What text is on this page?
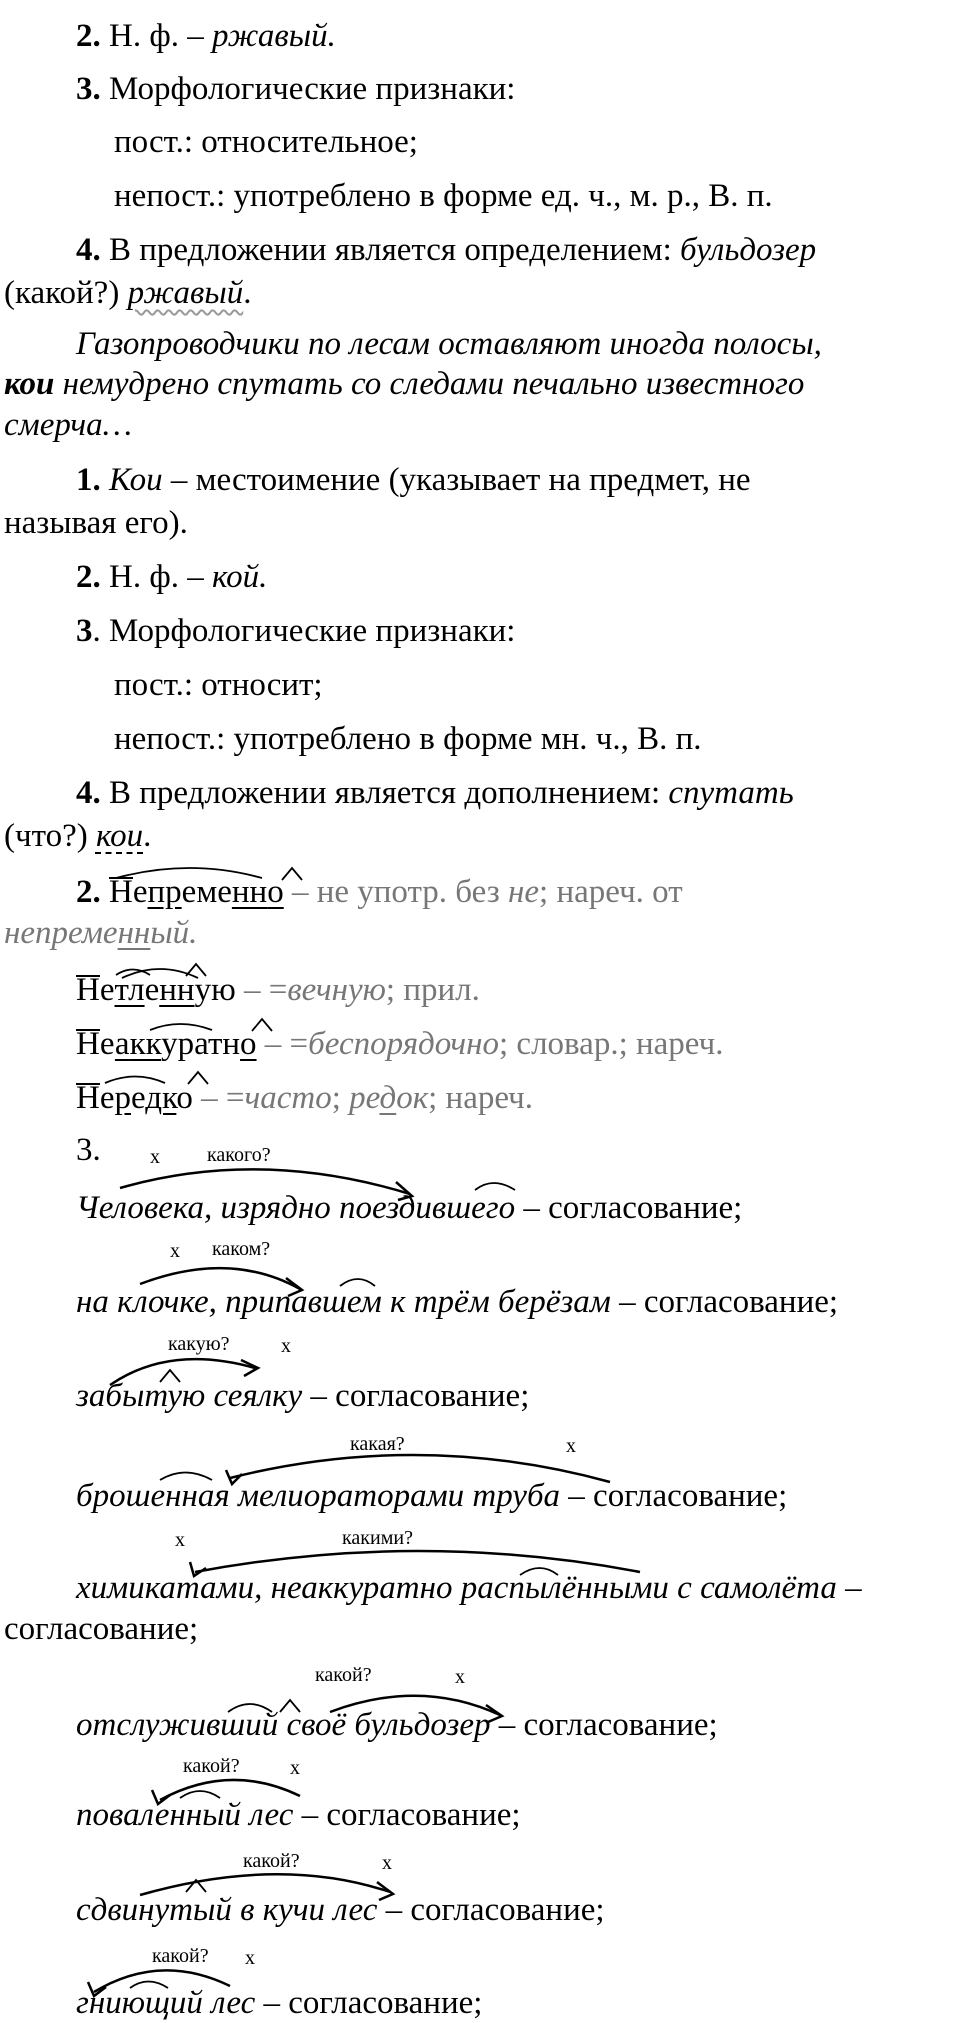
2. Н. ф. – ржавый.
3. Морфологические признаки:
пост.: относительное;
непост.: употреблено в форме ед. ч., м. р., В. п.
4. В предложении является определением: бульдозер
(какой?) ржавый.
Газопроводчики по лесам оставляют иногда полосы,
кои немудрено спутать со следами печально известного
смерча…
1. Кои – местоимение (указывает на предмет, не
называя его).
2. Н. ф. – кой.
3. Морфологические признаки:
пост.: относит;
непост.: употреблено в форме мн. ч., В. п.
4. В предложении является дополнением: спутать
(что?) кои.
2. Непременно – не употр. без не; нареч. от
непременный.
Нетленную – =вечную; прил.
Неаккуратно – =беспорядочно; словар.; нареч.
Нередко – =часто; редок; нареч.
3. х какого?
Человека, изрядно поездившего – согласование;
х каком?
на клочке, припавшем к трём берёзам – согласование;
какую?	х
забытую сеялку – согласование;
какая?	х
брошенная мелиораторами труба – согласование;
х	какими?
химикатами, неаккуратно распылёнными с самолёта –
согласование;
какой?	х
отслуживший своё бульдозер – согласование;
какой?	х
поваленный лес – согласование;
какой?	х
сдвинутый в кучи лес – согласование;
какой? х
гниющий лес – согласование;
